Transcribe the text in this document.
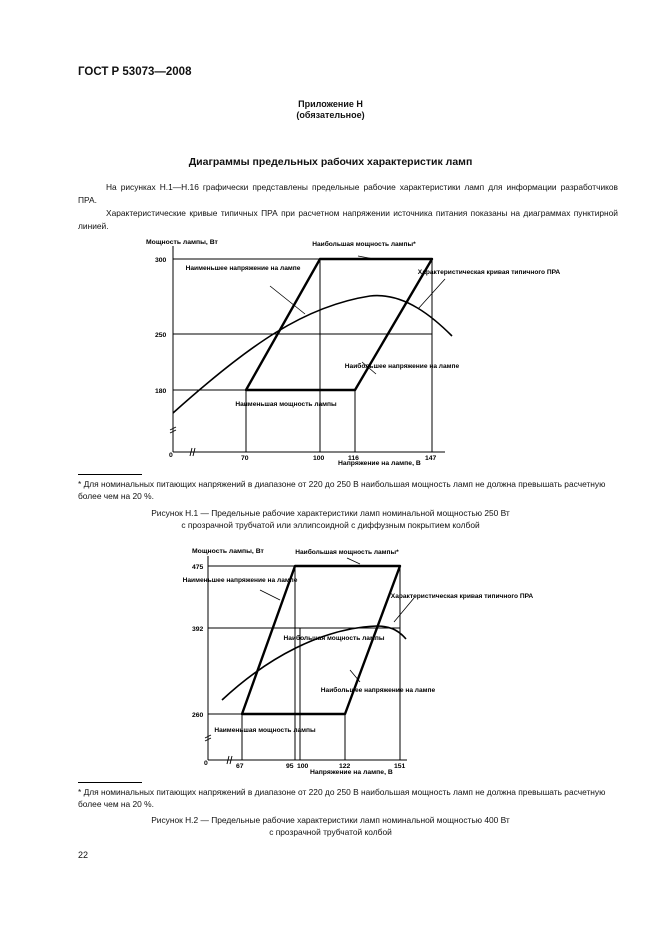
ГОСТ Р 53073—2008
Приложение Н
(обязательное)
Диаграммы предельных рабочих характеристик ламп
На рисунках Н.1—Н.16 графически представлены предельные рабочие характеристики ламп для информации разработчиков ПРА.
Характеристические кривые типичных ПРА при расчетном напряжении источника питания показаны на диаграммах пунктирной линией.
Мощность лампы, Вт
Напряжение на лампе, В
300
250
180
0	70	100	116	147
Наибольшая мощность лампы*
Наименьшее напряжение на лампе
Наименьшая мощность лампы
Наибольшее напряжение на лампе
Характеристическая кривая типичного ПРА
* Для номинальных питающих напряжений в диапазоне от 220 до 250 В наибольшая мощность ламп не должна превышать расчетную более чем на 20 %.
Рисунок Н.1 — Предельные рабочие характеристики ламп номинальной мощностью 250 Вт
с прозрачной трубчатой или эллипсоидной с диффузным покрытием колбой
Мощность лампы, Вт
Напряжение на лампе, В
475
392
260
0	67	95 100	122	151
Наибольшая мощность лампы*
Наименьшее напряжение на лампе
Наибольшая мощность лампы
Наименьшая мощность лампы
Наибольшее напряжение на лампе
Характеристическая кривая типичного ПРА
* Для номинальных питающих напряжений в диапазоне от 220 до 250 В наибольшая мощность ламп не должна превышать расчетную более чем на 20 %.
Рисунок Н.2 — Предельные рабочие характеристики ламп номинальной мощностью 400 Вт
с прозрачной трубчатой колбой
22
